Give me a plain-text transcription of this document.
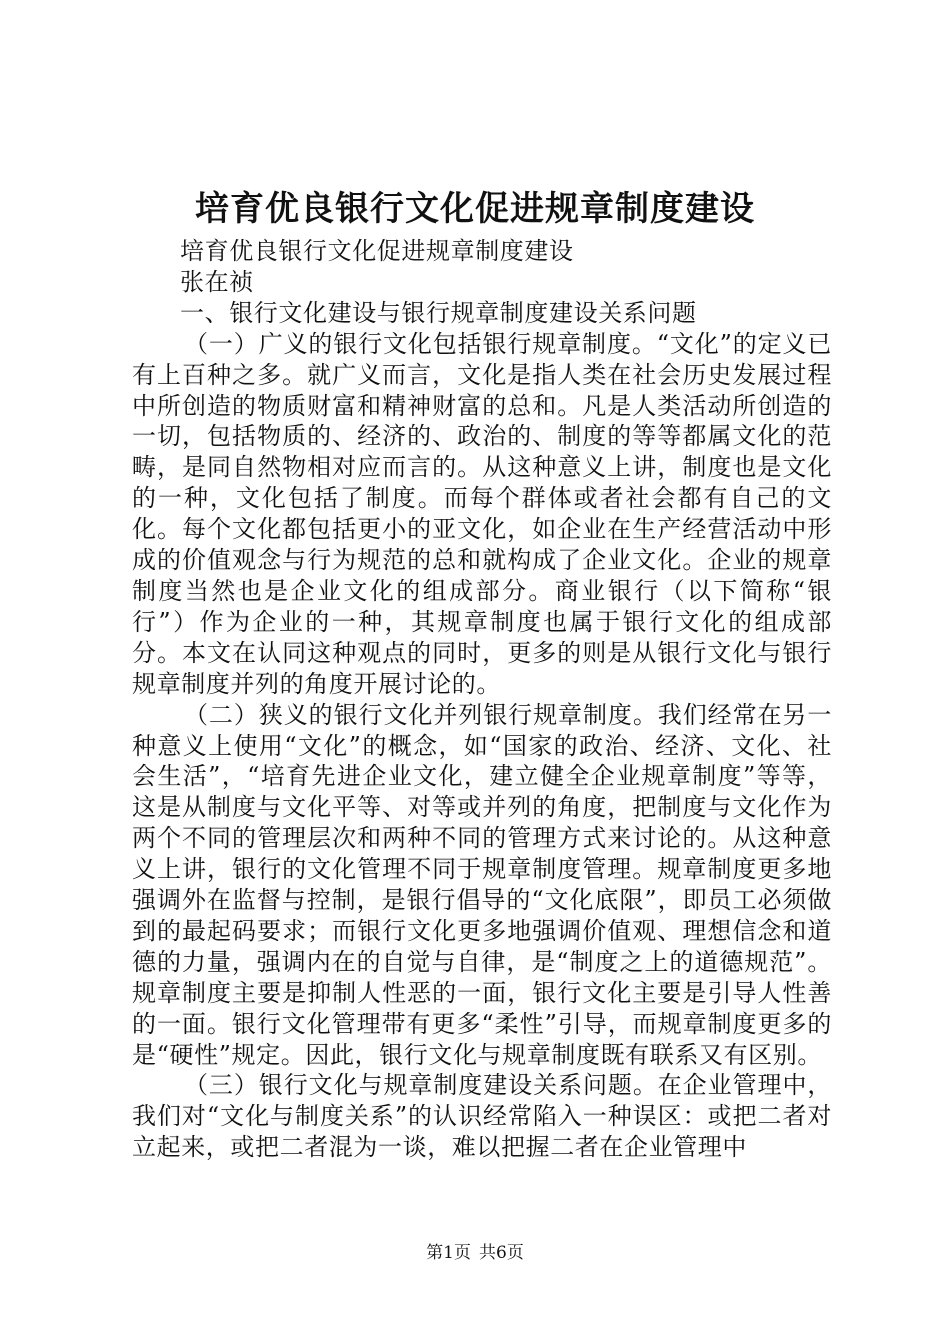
培育优良银行文化促进规章制度建设

培育优良银行文化促进规章制度建设

张在祯

一、银行文化建设与银行规章制度建设关系问题

（一）广义的银行文化包括银行规章制度。“文化”的定义已有上百种之多。就广义而言，文化是指人类在社会历史发展过程中所创造的物质财富和精神财富的总和。凡是人类活动所创造的一切，包括物质的、经济的、政治的、制度的等等都属文化的范畴，是同自然物相对应而言的。从这种意义上讲，制度也是文化的一种，文化包括了制度。而每个群体或者社会都有自己的文化。每个文化都包括更小的亚文化，如企业在生产经营活动中形成的价值观念与行为规范的总和就构成了企业文化。企业的规章制度当然也是企业文化的组成部分。商业银行（以下简称“银行”）作为企业的一种，其规章制度也属于银行文化的组成部分。本文在认同这种观点的同时，更多的则是从银行文化与银行规章制度并列的角度开展讨论的。

（二）狭义的银行文化并列银行规章制度。我们经常在另一种意义上使用“文化”的概念，如“国家的政治、经济、文化、社会生活”，“培育先进企业文化，建立健全企业规章制度”等等，这是从制度与文化平等、对等或并列的角度，把制度与文化作为两个不同的管理层次和两种不同的管理方式来讨论的。从这种意义上讲，银行的文化管理不同于规章制度管理。规章制度更多地强调外在监督与控制，是银行倡导的“文化底限”，即员工必须做到的最起码要求；而银行文化更多地强调价值观、理想信念和道德的力量，强调内在的自觉与自律，是“制度之上的道德规范”。规章制度主要是抑制人性恶的一面，银行文化主要是引导人性善的一面。银行文化管理带有更多“柔性”引导，而规章制度更多的是“硬性”规定。因此，银行文化与规章制度既有联系又有区别。

（三）银行文化与规章制度建设关系问题。在企业管理中，我们对“文化与制度关系”的认识经常陷入一种误区：或把二者对立起来，或把二者混为一谈，难以把握二者在企业管理中

第1页 共6页
